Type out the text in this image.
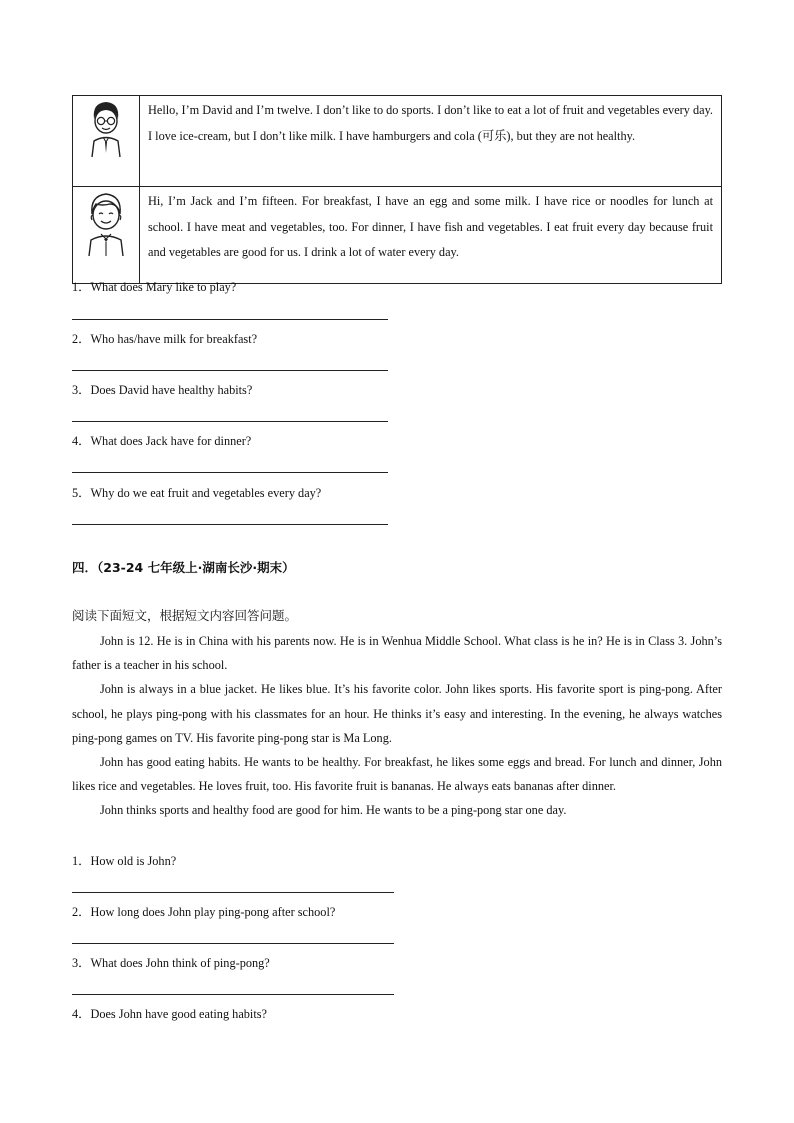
	Hello, I’m David and I’m twelve. I don’t like to do sports. I don’t like to eat a lot of fruit and vegetables every day. I love ice-cream, but I don’t like milk. I have hamburgers and cola (可乐), but they are not healthy.
	Hi, I’m Jack and I’m fifteen. For breakfast, I have an egg and some milk. I have rice or noodles for lunch at school. I have meat and vegetables, too. For dinner, I have fish and vegetables. I eat fruit every day because fruit and vegetables are good for us. I drink a lot of water every day.
1．What does Mary like to play?
2．Who has/have milk for breakfast?
3．Does David have healthy habits?
4．What does Jack have for dinner?
5．Why do we eat fruit and vegetables every day?
四．（23-24 七年级上·湖南长沙·期末）
阅读下面短文，根据短文内容回答问题。

John is 12. He is in China with his parents now. He is in Wenhua Middle School. What class is he in? He is in Class 3. John’s father is a teacher in his school.

John is always in a blue jacket. He likes blue. It’s his favorite color. John likes sports. His favorite sport is ping-pong. After school, he plays ping-pong with his classmates for an hour. He thinks it’s easy and interesting. In the evening, he always watches ping-pong games on TV. His favorite ping-pong star is Ma Long.

John has good eating habits. He wants to be healthy. For breakfast, he likes some eggs and bread. For lunch and dinner, John likes rice and vegetables. He loves fruit, too. His favorite fruit is bananas. He always eats bananas after dinner.

John thinks sports and healthy food are good for him. He wants to be a ping-pong star one day.

1．How old is John?
2．How long does John play ping-pong after school?
3．What does John think of ping-pong?
4．Does John have good eating habits?
